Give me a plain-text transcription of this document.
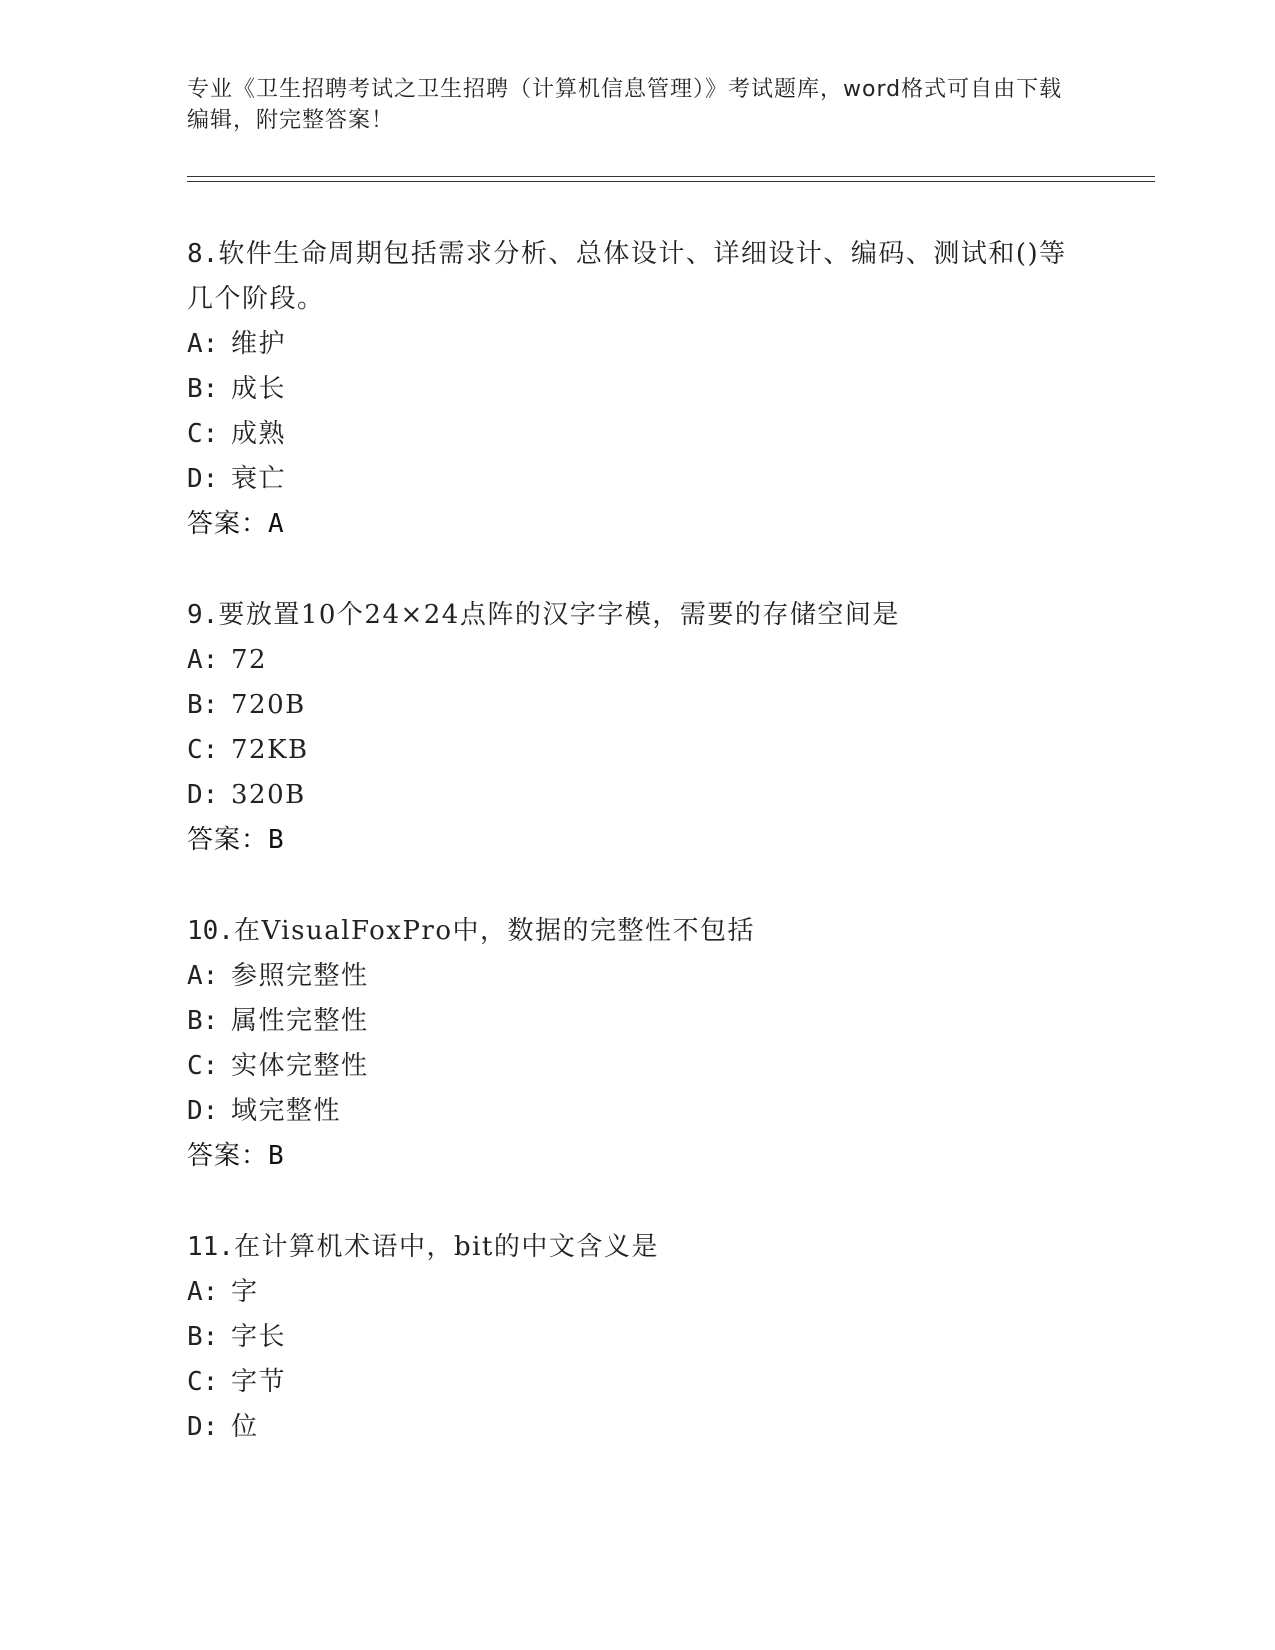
专业《卫生招聘考试之卫生招聘（计算机信息管理）》考试题库，word格式可自由下载编辑，附完整答案！
8.软件生命周期包括需求分析、总体设计、详细设计、编码、测试和()等几个阶段。
A: 维护
B: 成长
C: 成熟
D: 衰亡
答案：A
9.要放置10个24×24点阵的汉字字模，需要的存储空间是
A: 72
B: 720B
C: 72KB
D: 320B
答案：B
10.在VisualFoxPro中，数据的完整性不包括
A: 参照完整性
B: 属性完整性
C: 实体完整性
D: 域完整性
答案：B
11.在计算机术语中，bit的中文含义是
A: 字
B: 字长
C: 字节
D: 位
